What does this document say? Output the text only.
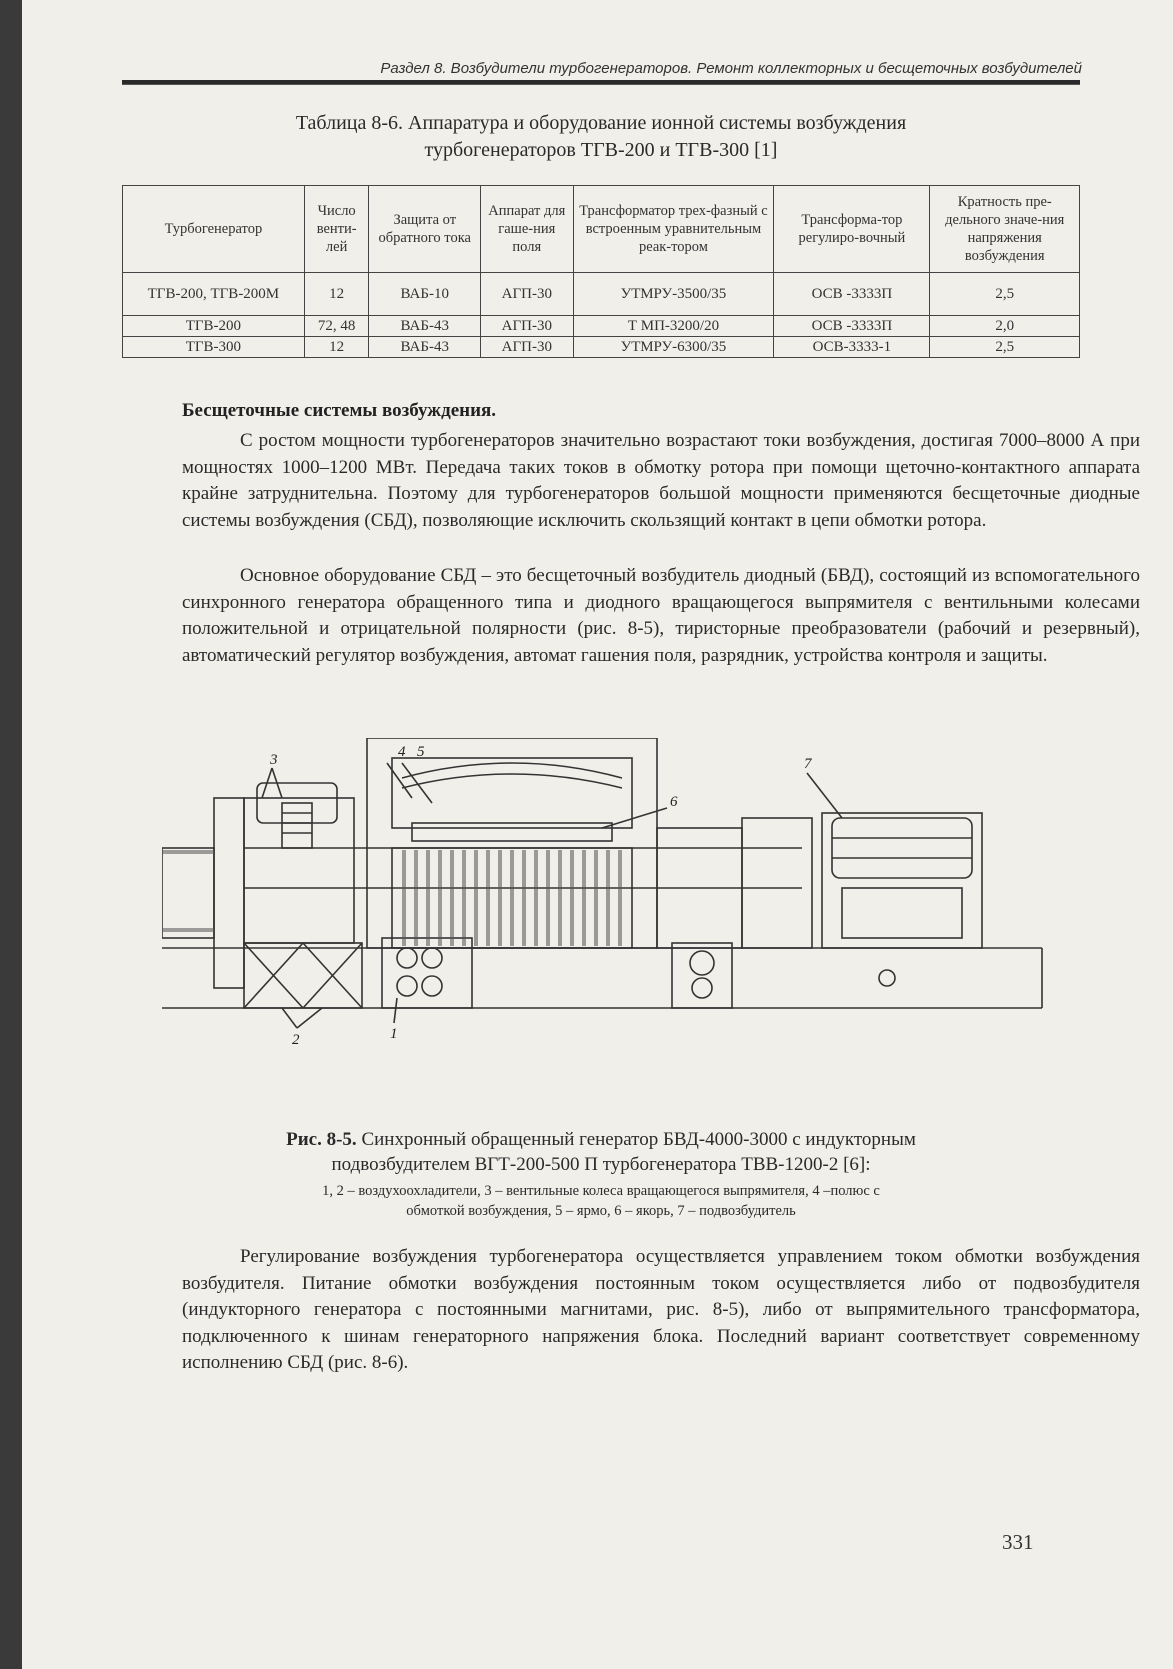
Раздел 8. Возбудители турбогенераторов. Ремонт коллекторных и бесщеточных возбудителей
Таблица 8-6. Аппаратура и оборудование ионной системы возбуждения
турбогенераторов ТГВ-200 и ТГВ-300 [1]
Турбогенератор	Число венти-лей	Защита от обратного тока	Аппарат для гаше-ния поля	Трансформатор трех-фазный с встроенным уравнительным реак-тором	Трансформа-тор регулиро-вочный	Кратность пре-дельного значе-ния напряжения возбуждения
ТГВ-200, ТГВ-200М	12	ВАБ-10	АГП-30	УТМРУ-3500/35	ОСВ -3333П	2,5
ТГВ-200	72, 48	ВАБ-43	АГП-30	Т МП-3200/20	ОСВ -3333П	2,0
ТГВ-300	12	ВАБ-43	АГП-30	УТМРУ-6300/35	ОСВ-3333-1	2,5
Бесщеточные системы возбуждения.
С ростом мощности турбогенераторов значительно возрастают токи возбуждения, достигая 7000–8000 А при мощностях 1000–1200 МВт. Передача таких токов в обмотку ротора при помощи щеточно-контактного аппарата крайне затруднительна. Поэтому для турбогенераторов большой мощности применяются бесщеточные диодные системы возбуждения (СБД), позволяющие исключить скользящий контакт в цепи обмотки ротора.
Основное оборудование СБД – это бесщеточный возбудитель диодный (БВД), состоящий из вспомогательного синхронного генератора обращенного типа и диодного вращающегося выпрямителя с вентильными колесами положительной и отрицательной полярности (рис. 8-5), тиристорные преобразователи (рабочий и резервный), автоматический регулятор возбуждения, автомат гашения поля, разрядник, устройства контроля и защиты.
4 5
3
6
7
2	1
Рис. 8-5. Синхронный обращенный генератор БВД-4000-3000 с индукторным
подвозбудителем ВГТ-200-500 П турбогенератора ТВВ-1200-2 [6]:
1, 2 – воздухоохладители, 3 – вентильные колеса вращающегося выпрямителя, 4 –полюс с
обмоткой возбуждения, 5 – ярмо, 6 – якорь, 7 – подвозбудитель
Регулирование возбуждения турбогенератора осуществляется управлением током обмотки возбуждения возбудителя. Питание обмотки возбуждения постоянным током осуществляется либо от подвозбудителя (индукторного генератора с постоянными магнитами, рис. 8-5), либо от выпрямительного трансформатора, подключенного к шинам генераторного напряжения блока. Последний вариант соответствует современному исполнению СБД (рис. 8-6).
331
